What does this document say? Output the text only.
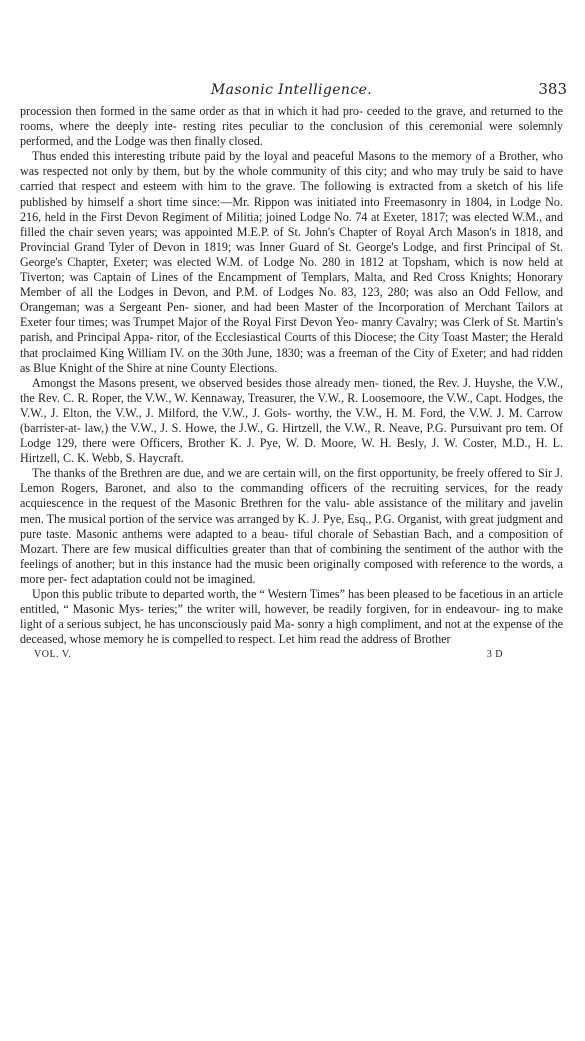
Masonic Intelligence.	383

procession then formed in the same order as that in which it had pro- ceeded to the grave, and returned to the rooms, where the deeply inte- resting rites peculiar to the conclusion of this ceremonial were solemnly performed, and the Lodge was then finally closed.

Thus ended this interesting tribute paid by the loyal and peaceful Masons to the memory of a Brother, who was respected not only by them, but by the whole community of this city; and who may truly be said to have carried that respect and esteem with him to the grave. The following is extracted from a sketch of his life published by himself a short time since:—Mr. Rippon was initiated into Freemasonry in 1804, in Lodge No. 216, held in the First Devon Regiment of Militia; joined Lodge No. 74 at Exeter, 1817; was elected W.M., and filled the chair seven years; was appointed M.E.P. of St. John's Chapter of Royal Arch Mason's in 1818, and Provincial Grand Tyler of Devon in 1819; was Inner Guard of St. George's Lodge, and first Principal of St. George's Chapter, Exeter; was elected W.M. of Lodge No. 280 in 1812 at Topsham, which is now held at Tiverton; was Captain of Lines of the Encampment of Templars, Malta, and Red Cross Knights; Honorary Member of all the Lodges in Devon, and P.M. of Lodges No. 83, 123, 280; was also an Odd Fellow, and Orangeman; was a Sergeant Pen- sioner, and had been Master of the Incorporation of Merchant Tailors at Exeter four times; was Trumpet Major of the Royal First Devon Yeo- manry Cavalry; was Clerk of St. Martin's parish, and Principal Appa- ritor, of the Ecclesiastical Courts of this Diocese; the City Toast Master; the Herald that proclaimed King William IV. on the 30th June, 1830; was a freeman of the City of Exeter; and had ridden as Blue Knight of the Shire at nine County Elections.

Amongst the Masons present, we observed besides those already men- tioned, the Rev. J. Huyshe, the V.W., the Rev. C. R. Roper, the V.W., W. Kennaway, Treasurer, the V.W., R. Loosemoore, the V.W., Capt. Hodges, the V.W., J. Elton, the V.W., J. Milford, the V.W., J. Gols- worthy, the V.W., H. M. Ford, the V.W. J. M. Carrow (barrister-at- law,) the V.W., J. S. Howe, the J.W., G. Hirtzell, the V.W., R. Neave, P.G. Pursuivant pro tem. Of Lodge 129, there were Officers, Brother K. J. Pye, W. D. Moore, W. H. Besly, J. W. Coster, M.D., H. L. Hirtzell, C. K. Webb, S. Haycraft.

The thanks of the Brethren are due, and we are certain will, on the first opportunity, be freely offered to Sir J. Lemon Rogers, Baronet, and also to the commanding officers of the recruiting services, for the ready acquiescence in the request of the Masonic Brethren for the valu- able assistance of the military and javelin men. The musical portion of the service was arranged by K. J. Pye, Esq., P.G. Organist, with great judgment and pure taste. Masonic anthems were adapted to a beau- tiful chorale of Sebastian Bach, and a composition of Mozart. There are few musical difficulties greater than that of combining the sentiment of the author with the feelings of another; but in this instance had the music been originally composed with reference to the words, a more per- fect adaptation could not be imagined.

Upon this public tribute to departed worth, the “ Western Times” has been pleased to be facetious in an article entitled, “ Masonic Mys- teries;” the writer will, however, be readily forgiven, for in endeavour- ing to make light of a serious subject, he has unconsciously paid Ma- sonry a high compliment, and not at the expense of the deceased, whose memory he is compelled to respect. Let him read the address of Brother

VOL. V.	3 D
